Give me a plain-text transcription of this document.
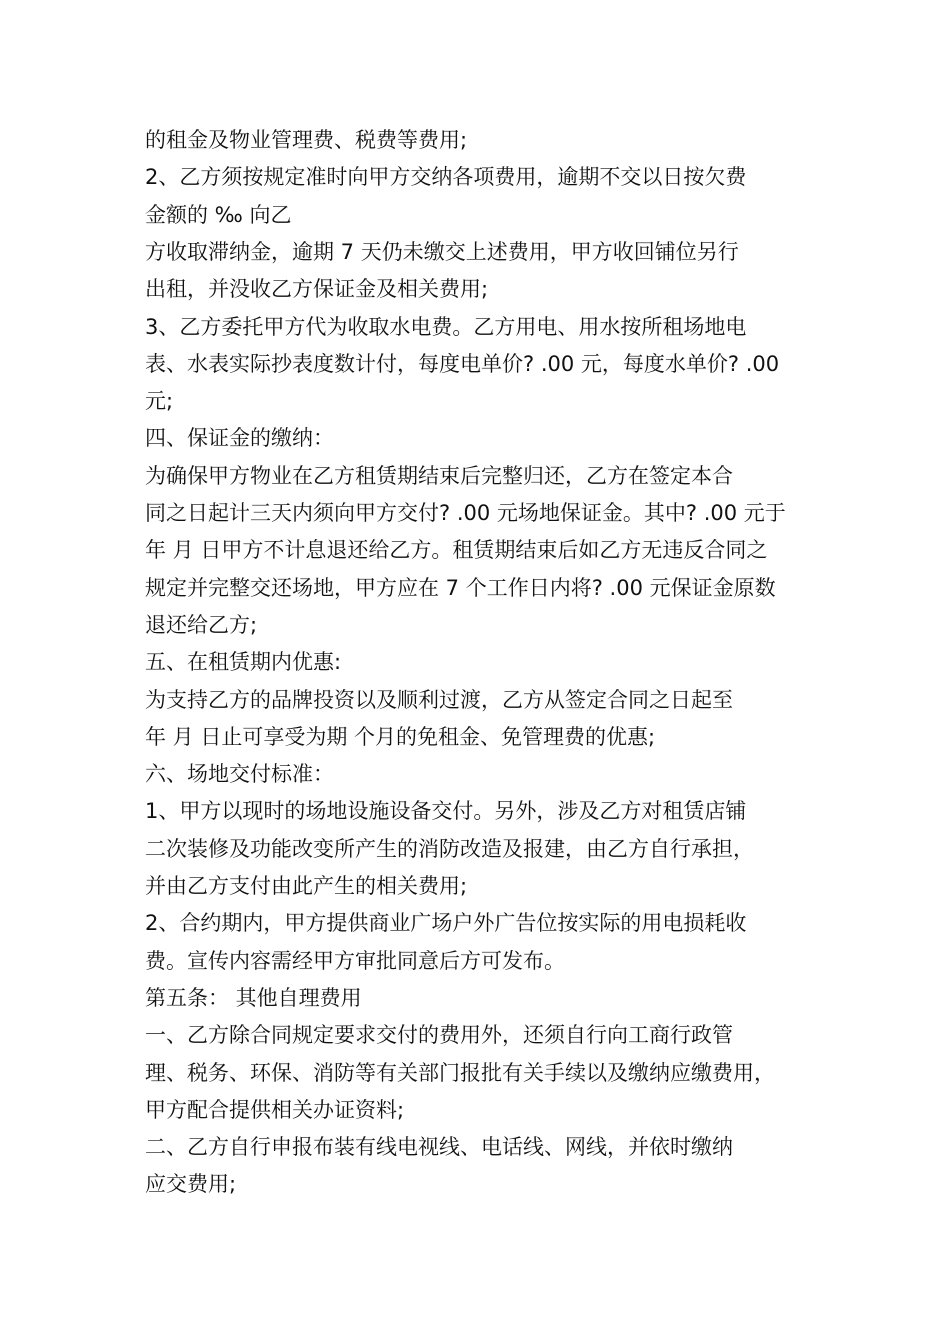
的租金及物业管理费、税费等费用;
2、乙方须按规定准时向甲方交纳各项费用，逾期不交以日按欠费
金额的 ‰ 向乙
方收取滞纳金，逾期 7 天仍未缴交上述费用，甲方收回铺位另行
出租，并没收乙方保证金及相关费用;
3、乙方委托甲方代为收取水电费。乙方用电、用水按所租场地电
表、水表实际抄表度数计付，每度电单价? .00 元，每度水单价? .00
元;
四、保证金的缴纳：
为确保甲方物业在乙方租赁期结束后完整归还，乙方在签定本合
同之日起计三天内须向甲方交付? .00 元场地保证金。其中? .00 元于
年 月 日甲方不计息退还给乙方。租赁期结束后如乙方无违反合同之
规定并完整交还场地，甲方应在 7 个工作日内将? .00 元保证金原数
退还给乙方;
五、在租赁期内优惠:
为支持乙方的品牌投资以及顺利过渡，乙方从签定合同之日起至
年 月 日止可享受为期 个月的免租金、免管理费的优惠;
六、场地交付标准：
1、甲方以现时的场地设施设备交付。另外，涉及乙方对租赁店铺
二次装修及功能改变所产生的消防改造及报建，由乙方自行承担，
并由乙方支付由此产生的相关费用;
2、合约期内，甲方提供商业广场户外广告位按实际的用电损耗收
费。宣传内容需经甲方审批同意后方可发布。
第五条： 其他自理费用
一、乙方除合同规定要求交付的费用外，还须自行向工商行政管
理、税务、环保、消防等有关部门报批有关手续以及缴纳应缴费用，
甲方配合提供相关办证资料;
二、乙方自行申报布装有线电视线、电话线、网线，并依时缴纳
应交费用;
